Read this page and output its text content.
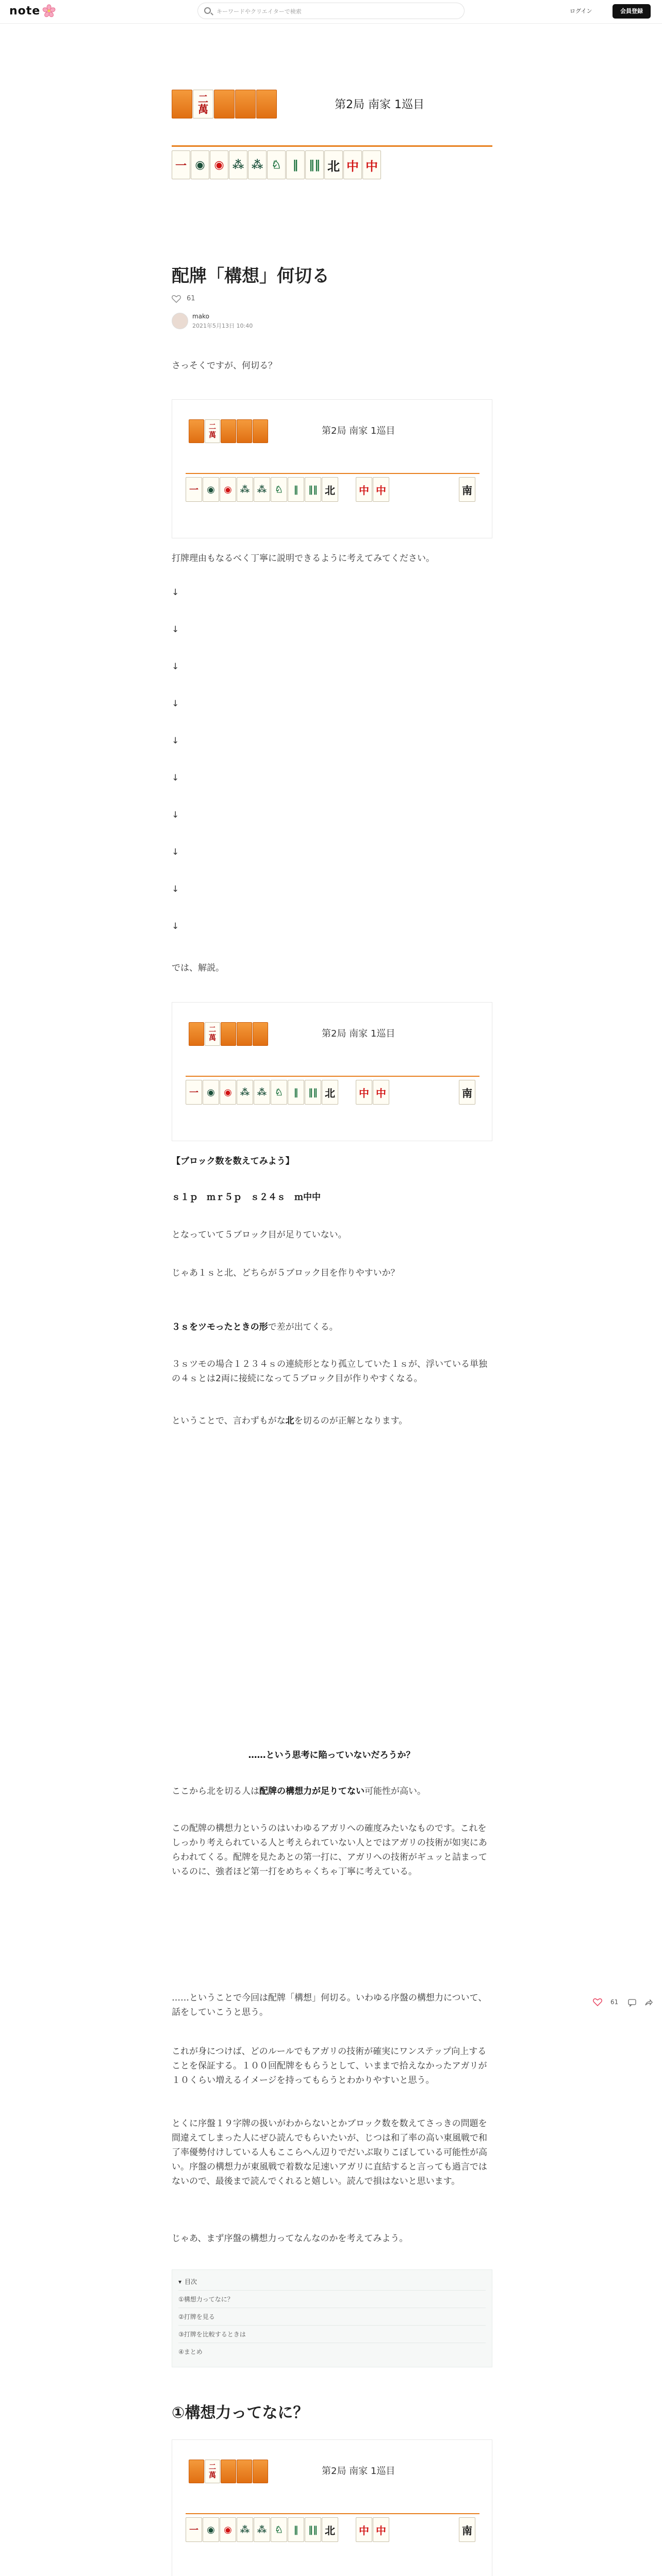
note	キーワードやクリエイターで検索	ログイン	会員登録
二
萬	第2局 南家 1巡目
一 ◉ ◉ ⁂ ⁂ ♘ ‖ ‖‖ 北 中 中
配牌「構想」何切る
61
mako
2021年5月13日 10:40
さっそくですが、何切る？
二
萬	第2局 南家 1巡目
一 ◉ ◉ ⁂ ⁂ ♘	‖	‖‖ 北 中 中	南
打牌理由もなるべく丁寧に説明できるように考えてみてください。
↓
↓
↓
↓
↓
↓
↓
↓
↓
↓
では、解説。
二
萬	第2局 南家 1巡目
一 ◉ ◉ ⁂ ⁂ ♘	‖	‖‖ 北 中 中	南
【ブロック数を数えてみよう】
ｓ１ｐ　ｍｒ５ｐ　ｓ２４ｓ　ｍ中中
となっていて５ブロック目が足りていない。
じゃあ１ｓと北、どちらが５ブロック目を作りやすいか？
３ｓをツモったときの形で差が出てくる。
３ｓツモの場合１２３４ｓの連続形となり孤立していた１ｓが、浮いている単独の４ｓとは2両に接続になって５ブロック目が作りやすくなる。
ということで、言わずもがな北を切るのが正解となります。
……という思考に陥っていないだろうか？
ここから北を切る人は配牌の構想力が足りてない可能性が高い。
この配牌の構想力というのはいわゆるアガリへの確度みたいなものです。これをしっかり考えられている人と考えられていない人とではアガリの技術が如実にあらわれてくる。配牌を見たあとの第一打に、アガリへの技術がギュッと詰まっているのに、強者ほど第一打をめちゃくちゃ丁寧に考えている。
……ということで今回は配牌「構想」何切る。いわゆる序盤の構想力について、話をしていこうと思う。
これが身につけば、どのルールでもアガリの技術が確実にワンステップ向上することを保証する。１００回配牌をもらうとして、いままで拾えなかったアガリが１０くらい増えるイメージを持ってもらうとわかりやすいと思う。
とくに序盤１９字牌の扱いがわからないとかブロック数を数えてさっきの問題を間違えてしまった人にぜひ読んでもらいたいが、じつは和了率の高い東風戦で和了率優勢付けしている人もここらへん辺りでだいぶ取りこぼしている可能性が高い。序盤の構想力が東風戦で着数な足速いアガリに直結すると言っても過言ではないので、最後まで読んでくれると嬉しい。読んで損はないと思います。
じゃあ、まず序盤の構想力ってなんなのかを考えてみよう。
61
▾ 目次
①構想力ってなに？
②打牌を見る
③打牌を比較するときは
④まとめ
①構想力ってなに？
二
萬	第2局 南家 1巡目
一 ◉ ◉ ⁂ ⁂ ♘	‖	‖‖ 北 中 中	南
